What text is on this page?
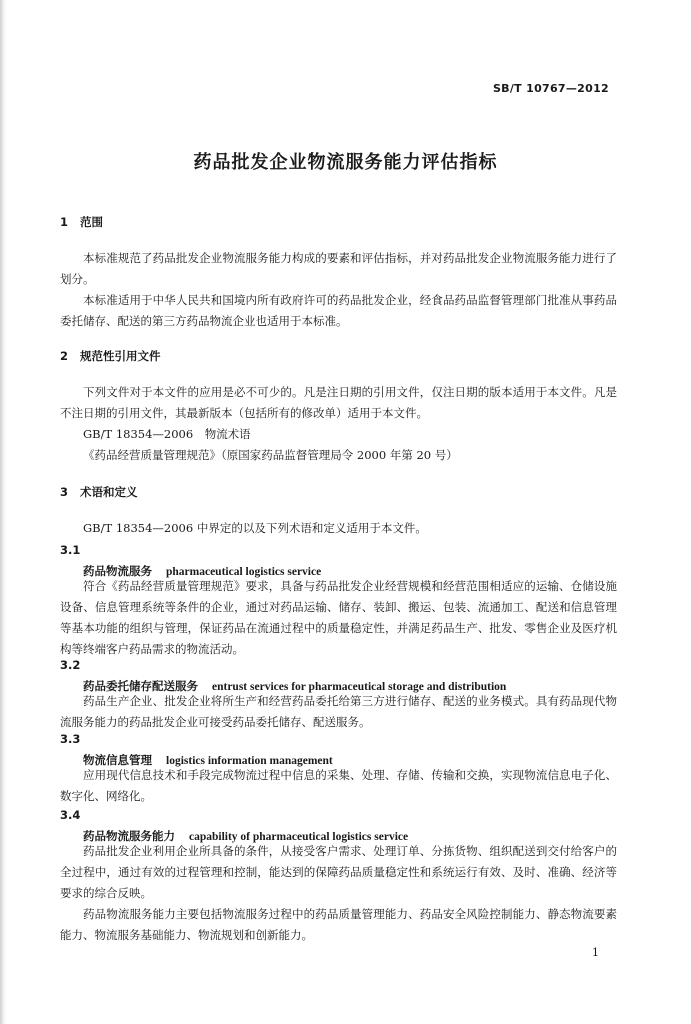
SB/T 10767—2012
药品批发企业物流服务能力评估指标
1 范围

本标准规范了药品批发企业物流服务能力构成的要素和评估指标，并对药品批发企业物流服务能力进行了划分。

本标准适用于中华人民共和国境内所有政府许可的药品批发企业，经食品药品监督管理部门批准从事药品委托储存、配送的第三方药品物流企业也适用于本标准。

2 规范性引用文件

下列文件对于本文件的应用是必不可少的。凡是注日期的引用文件，仅注日期的版本适用于本文件。凡是不注日期的引用文件，其最新版本（包括所有的修改单）适用于本文件。

GB/T 18354—2006　物流术语

《药品经营质量管理规范》（原国家药品监督管理局令 2000 年第 20 号）

3 术语和定义

GB/T 18354—2006 中界定的以及下列术语和定义适用于本文件。

3.1
药品物流服务 pharmaceutical logistics service

符合《药品经营质量管理规范》要求，具备与药品批发企业经营规模和经营范围相适应的运输、仓储设施设备、信息管理系统等条件的企业，通过对药品运输、储存、装卸、搬运、包装、流通加工、配送和信息管理等基本功能的组织与管理，保证药品在流通过程中的质量稳定性，并满足药品生产、批发、零售企业及医疗机构等终端客户药品需求的物流活动。

3.2
药品委托储存配送服务 entrust services for pharmaceutical storage and distribution

药品生产企业、批发企业将所生产和经营药品委托给第三方进行储存、配送的业务模式。具有药品现代物流服务能力的药品批发企业可接受药品委托储存、配送服务。

3.3
物流信息管理 logistics information management

应用现代信息技术和手段完成物流过程中信息的采集、处理、存储、传输和交换，实现物流信息电子化、数字化、网络化。

3.4
药品物流服务能力 capability of pharmaceutical logistics service

药品批发企业利用企业所具备的条件，从接受客户需求、处理订单、分拣货物、组织配送到交付给客户的全过程中，通过有效的过程管理和控制，能达到的保障药品质量稳定性和系统运行有效、及时、准确、经济等要求的综合反映。

药品物流服务能力主要包括物流服务过程中的药品质量管理能力、药品安全风险控制能力、静态物流要素能力、物流服务基础能力、物流规划和创新能力。

1
